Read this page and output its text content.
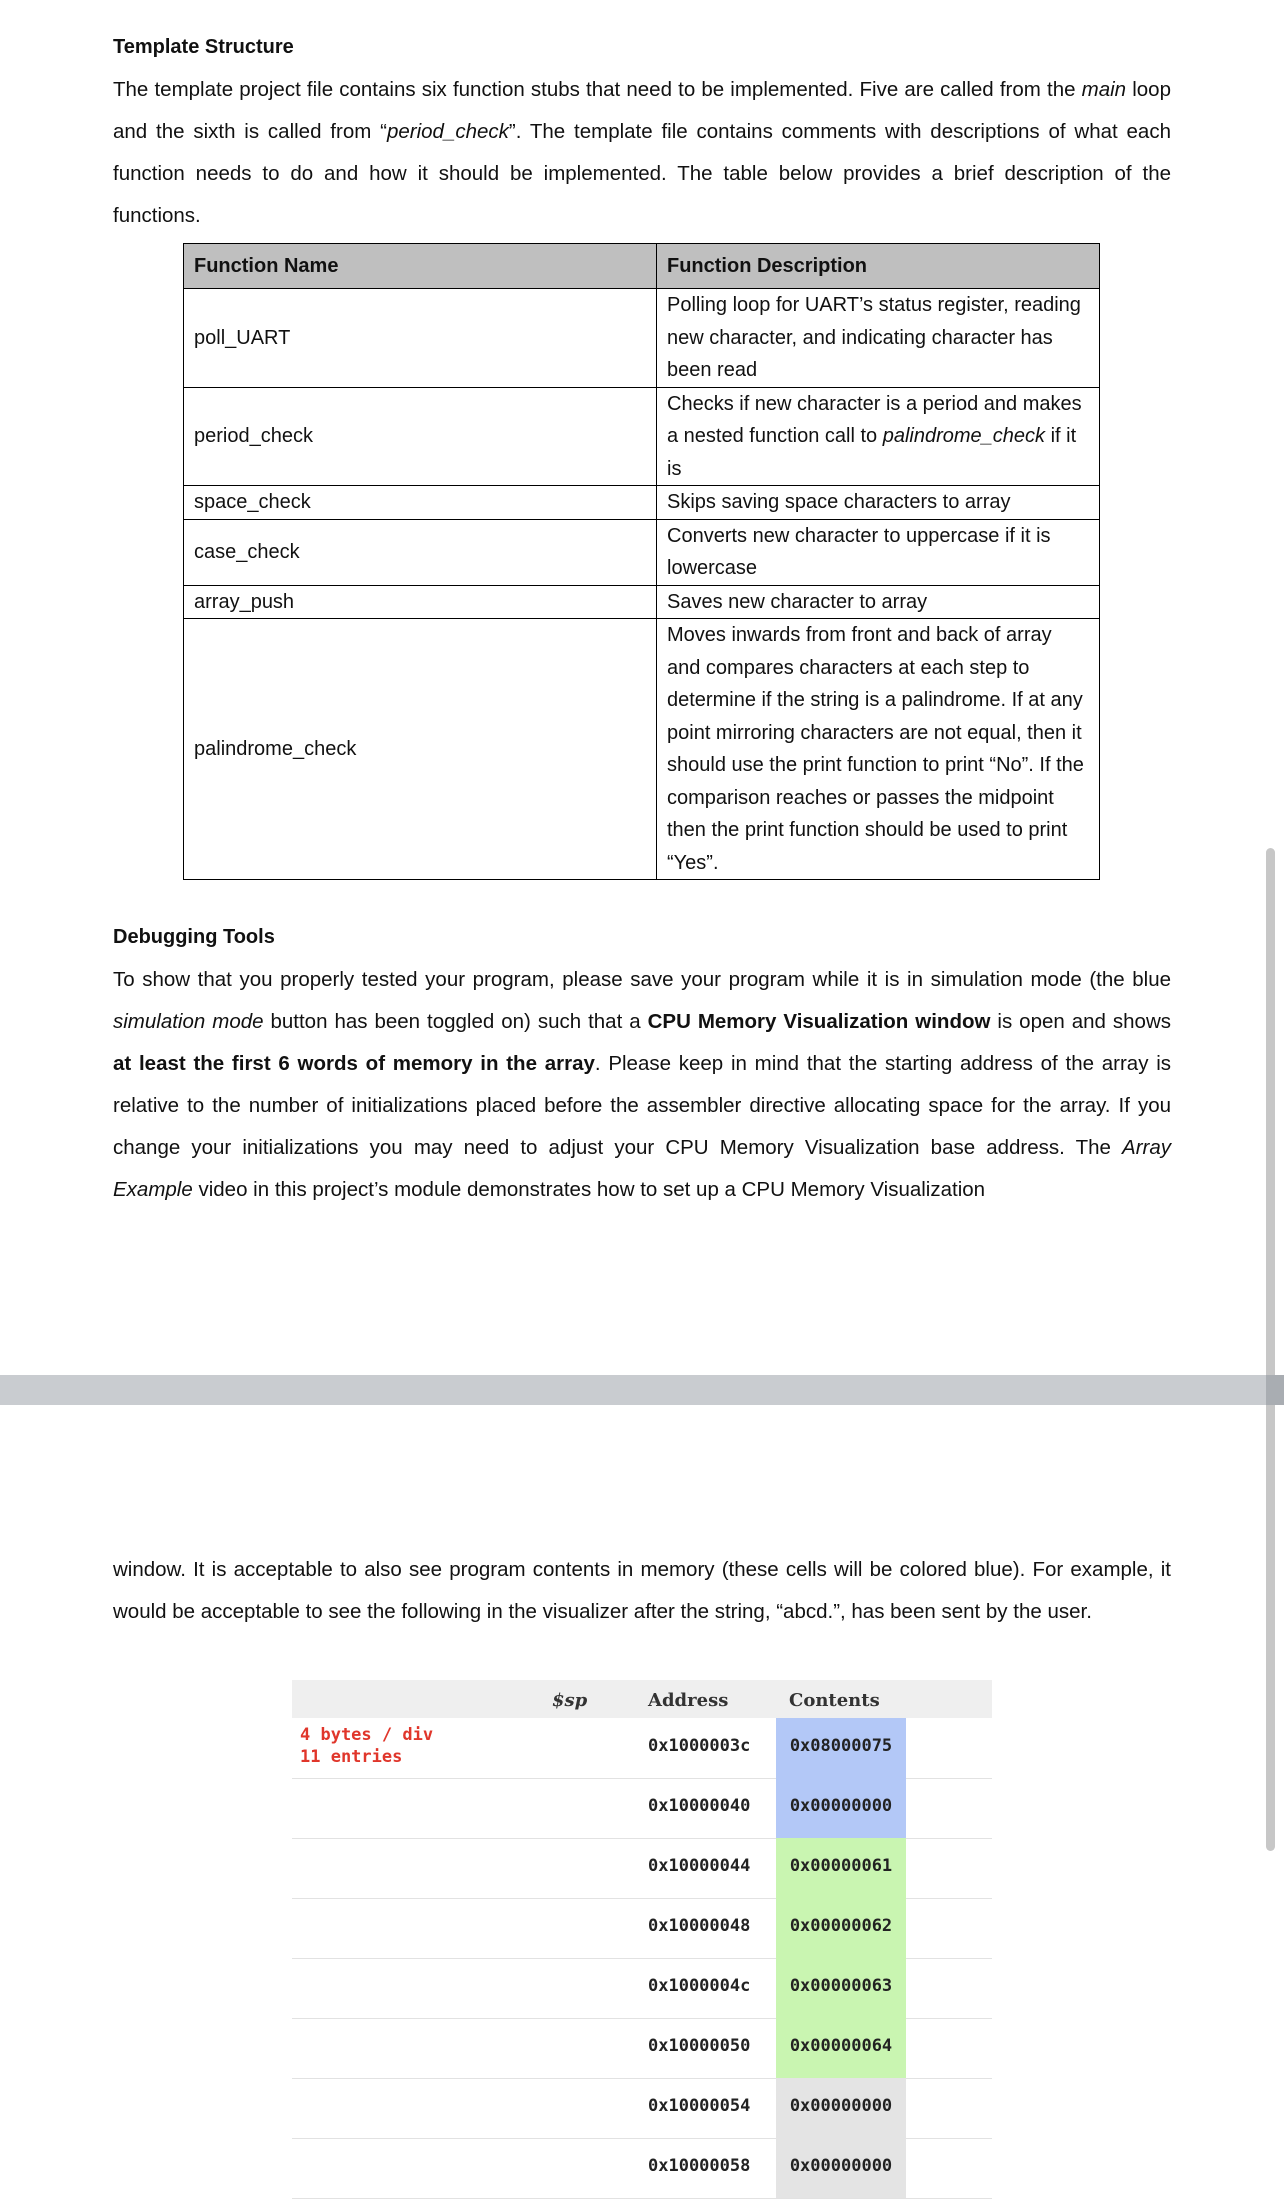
Template Structure

The template project file contains six function stubs that need to be implemented. Five are called from the main loop and the sixth is called from “period_check”. The template file contains comments with descriptions of what each function needs to do and how it should be implemented. The table below provides a brief description of the functions.

Function Name	Function Description
poll_UART	Polling loop for UART’s status register, reading new character, and indicating character has been read
period_check	Checks if new character is a period and makes a nested function call to palindrome_check if it is
space_check	Skips saving space characters to array
case_check	Converts new character to uppercase if it is lowercase
array_push	Saves new character to array
palindrome_check	Moves inwards from front and back of array and compares characters at each step to determine if the string is a palindrome. If at any point mirroring characters are not equal, then it should use the print function to print “No”. If the comparison reaches or passes the midpoint then the print function should be used to print “Yes”.
Debugging Tools

To show that you properly tested your program, please save your program while it is in simulation mode (the blue simulation mode button has been toggled on) such that a CPU Memory Visualization window is open and shows at least the first 6 words of memory in the array. Please keep in mind that the starting address of the array is relative to the number of initializations placed before the assembler directive allocating space for the array. If you change your initializations you may need to adjust your CPU Memory Visualization base address. The Array Example video in this project’s module demonstrates how to set up a CPU Memory Visualization

window. It is acceptable to also see program contents in memory (these cells will be colored blue). For example, it would be acceptable to see the following in the visualizer after the string, “abcd.”, has been sent by the user.

$sp	Address	Contents
4 bytes / div
11 entries
0x1000003c	0x08000075
0x10000040	0x00000000
0x10000044	0x00000061
0x10000048	0x00000062
0x1000004c	0x00000063
0x10000050	0x00000064
0x10000054	0x00000000
0x10000058	0x00000000
